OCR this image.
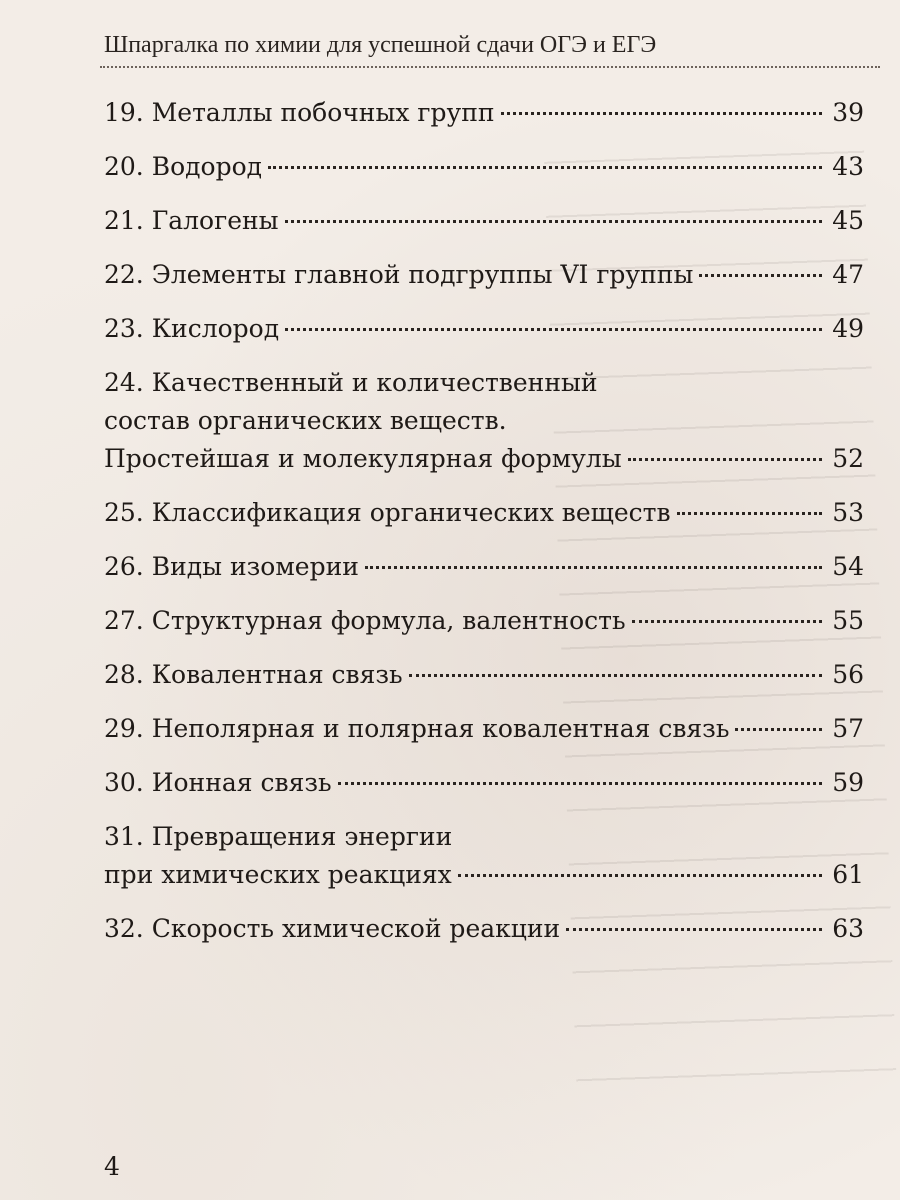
Шпаргалка по химии для успешной сдачи ОГЭ и ЕГЭ
19. Металлы побочных групп	39
20. Водород	43
21. Галогены	45
22. Элементы главной подгруппы VI группы	47
23. Кислород	49
24. Качественный и количественный
состав органических веществ.
Простейшая и молекулярная формулы	52
25. Классификация органических веществ	53
26. Виды изомерии	54
27. Структурная формула, валентность	55
28. Ковалентная связь	56
29. Неполярная и полярная ковалентная связь	57
30. Ионная связь	59
31. Превращения энергии
при химических реакциях	61
32. Скорость химической реакции	63
4
